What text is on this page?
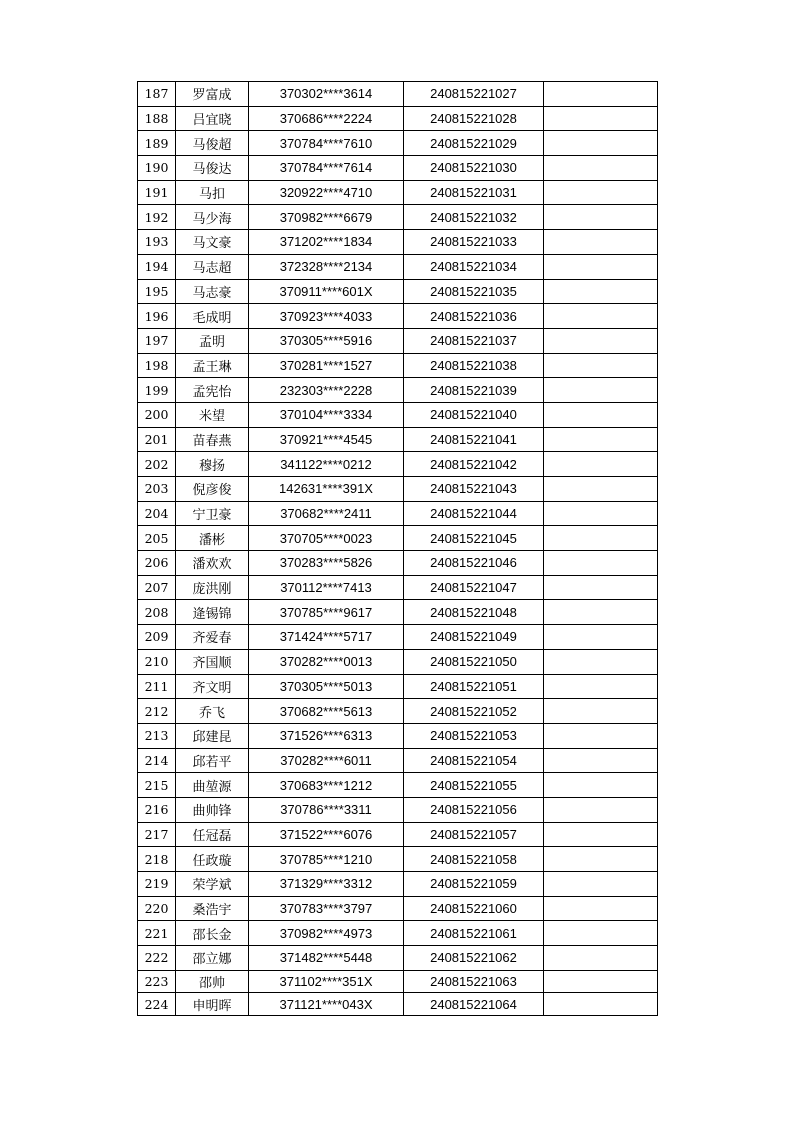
187	罗富成	370302****3614	240815221027	
188	吕宜晓	370686****2224	240815221028	
189	马俊超	370784****7610	240815221029	
190	马俊达	370784****7614	240815221030	
191	马扣	320922****4710	240815221031	
192	马少海	370982****6679	240815221032	
193	马文豪	371202****1834	240815221033	
194	马志超	372328****2134	240815221034	
195	马志豪	370911****601X	240815221035	
196	毛成明	370923****4033	240815221036	
197	孟明	370305****5916	240815221037	
198	孟王琳	370281****1527	240815221038	
199	孟宪怡	232303****2228	240815221039	
200	米望	370104****3334	240815221040	
201	苗春燕	370921****4545	240815221041	
202	穆扬	341122****0212	240815221042	
203	倪彦俊	142631****391X	240815221043	
204	宁卫豪	370682****2411	240815221044	
205	潘彬	370705****0023	240815221045	
206	潘欢欢	370283****5826	240815221046	
207	庞洪刚	370112****7413	240815221047	
208	逄锡锦	370785****9617	240815221048	
209	齐爱春	371424****5717	240815221049	
210	齐国顺	370282****0013	240815221050	
211	齐文明	370305****5013	240815221051	
212	乔飞	370682****5613	240815221052	
213	邱建昆	371526****6313	240815221053	
214	邱若平	370282****6011	240815221054	
215	曲堃源	370683****1212	240815221055	
216	曲帅锋	370786****3311	240815221056	
217	任冠磊	371522****6076	240815221057	
218	任政璇	370785****1210	240815221058	
219	荣学斌	371329****3312	240815221059	
220	桑浩宇	370783****3797	240815221060	
221	邵长金	370982****4973	240815221061	
222	邵立娜	371482****5448	240815221062	
223	邵帅	371102****351X	240815221063	
224	申明晖	371121****043X	240815221064	
